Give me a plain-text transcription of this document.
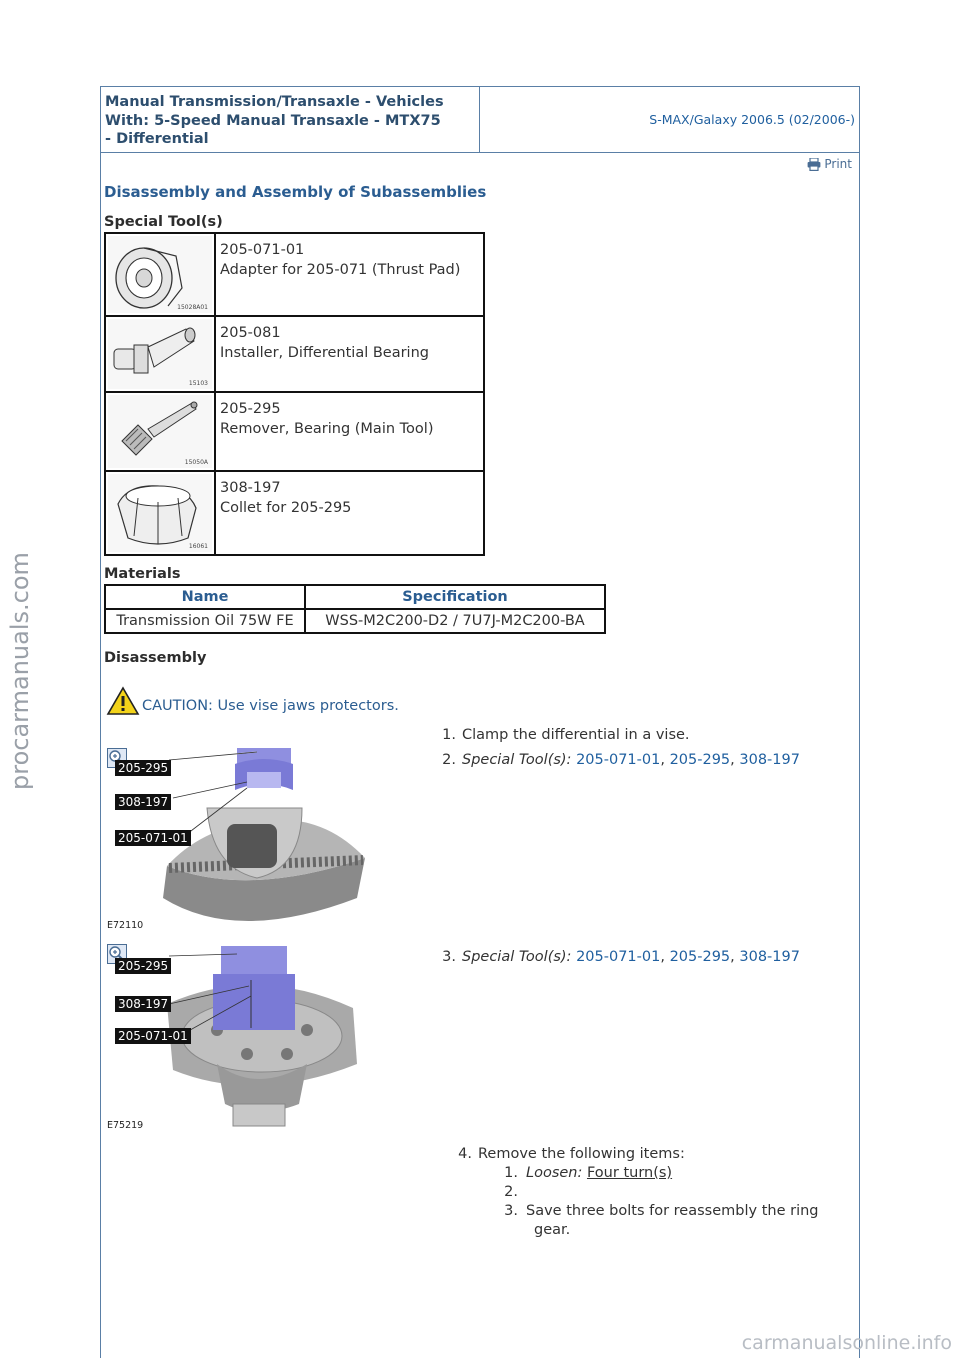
Manual Transmission/Transaxle - Vehicles
With: 5-Speed Manual Transaxle - MTX75
- Differential
S-MAX/Galaxy 2006.5 (02/2006-)
Print
Disassembly and Assembly of Subassemblies
Special Tool(s)
15028A01	205-071-01
Adapter for 205-071 (Thrust Pad)

15103	205-081
Installer, Differential Bearing

15050A	205-295
Remover, Bearing (Main Tool)

16061	308-197
Collet for 205-295
Materials
Name	Specification
Transmission Oil 75W FE	WSS-M2C200-D2 / 7U7J-M2C200-BA
Disassembly
CAUTION: Use vise jaws protectors.
1. Clamp the differential in a vise.
2. Special Tool(s): 205-071-01, 205-295, 308-197
205-295
308-197
205-071-01
E72110
3. Special Tool(s): 205-071-01, 205-295, 308-197
205-295
308-197
205-071-01
E75219
4. Remove the following items:
1. Loosen: Four turn(s)
2.
3. Save three bolts for reassembly the ring
gear.
procarmanuals.com
carmanualsonline.info
